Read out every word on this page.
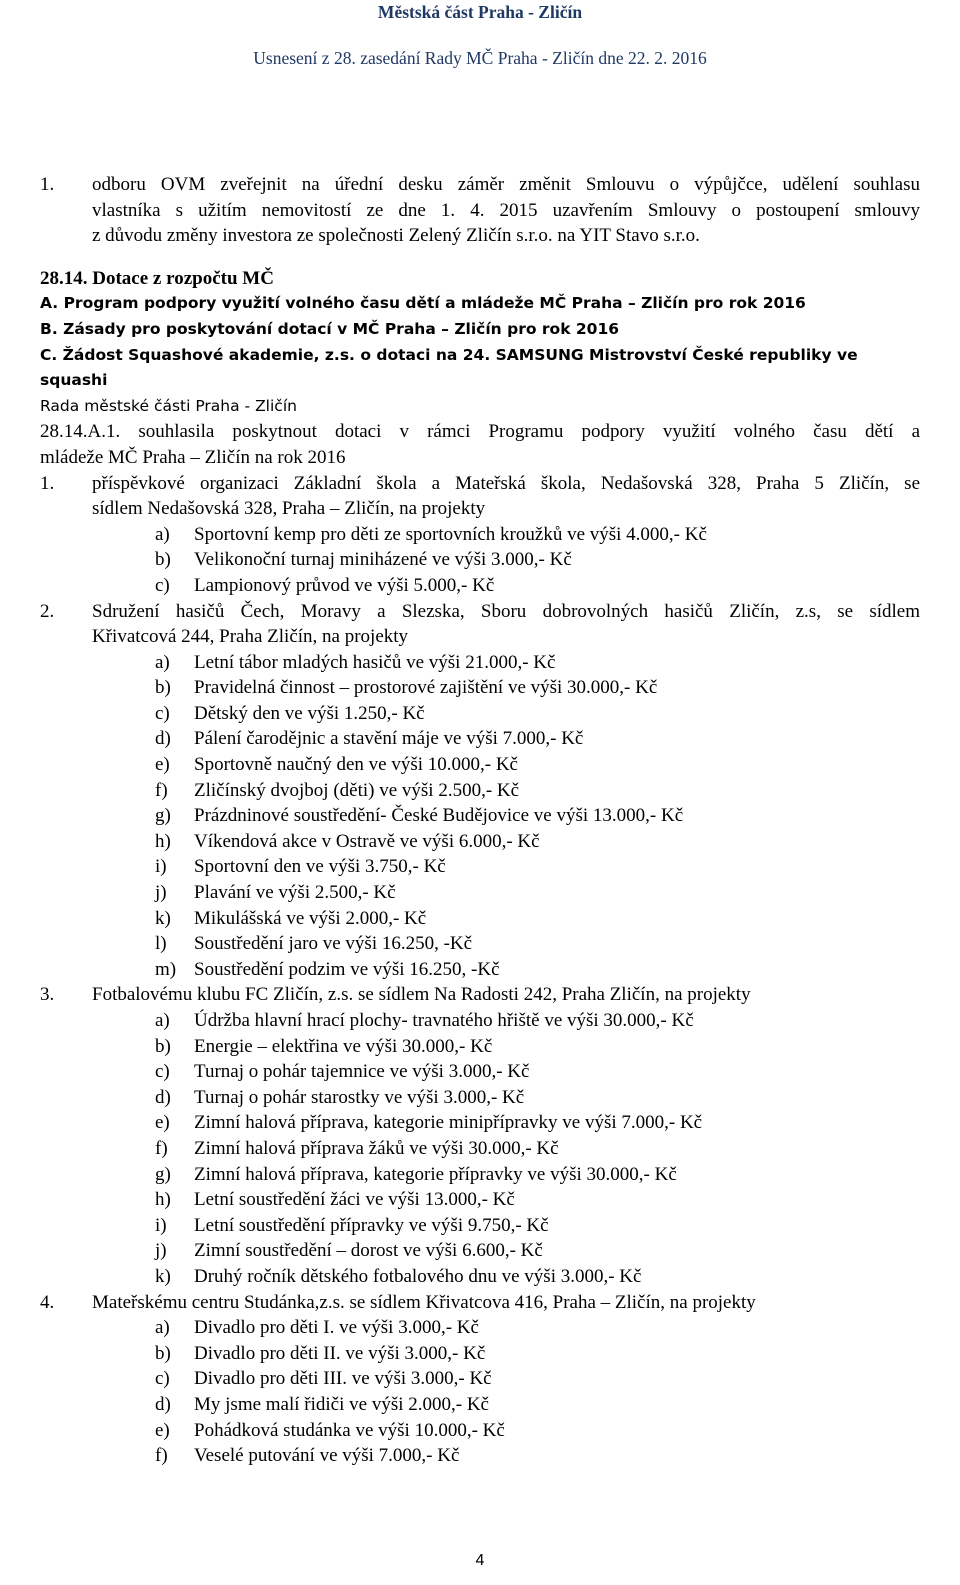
Městská část Praha - Zličín
Usnesení z 28. zasedání Rady MČ Praha - Zličín dne 22. 2. 2016
1. odboru OVM zveřejnit na úřední desku záměr změnit Smlouvu o výpůjčce, udělení souhlasu
vlastníka s užitím nemovitostí ze dne 1. 4. 2015 uzavřením Smlouvy o postoupení smlouvy
z důvodu změny investora ze společnosti Zelený Zličín s.r.o. na YIT Stavo s.r.o.
28.14. Dotace z rozpočtu MČ
A. Program podpory využití volného času dětí a mládeže MČ Praha – Zličín pro rok 2016
B. Zásady pro poskytování dotací v MČ Praha – Zličín pro rok 2016
C. Žádost Squashové akademie, z.s. o dotaci na 24. SAMSUNG Mistrovství České republiky ve
squashi
Rada městské části Praha - Zličín
28.14.A.1. souhlasila poskytnout dotaci v rámci Programu podpory využití volného času dětí a
mládeže MČ Praha – Zličín na rok 2016
1. příspěvkové organizaci Základní škola a Mateřská škola, Nedašovská 328, Praha 5 Zličín, se
sídlem Nedašovská 328, Praha – Zličín, na projekty
a) Sportovní kemp pro děti ze sportovních kroužků ve výši 4.000,- Kč
b) Velikonoční turnaj miniházené ve výši 3.000,- Kč
c) Lampionový průvod ve výši 5.000,- Kč
2. Sdružení hasičů Čech, Moravy a Slezska, Sboru dobrovolných hasičů Zličín, z.s, se sídlem
Křivatcová 244, Praha Zličín, na projekty
a) Letní tábor mladých hasičů ve výši 21.000,- Kč
b) Pravidelná činnost – prostorové zajištění ve výši 30.000,- Kč
c) Dětský den ve výši 1.250,- Kč
d) Pálení čarodějnic a stavění máje ve výši 7.000,- Kč
e) Sportovně naučný den ve výši 10.000,- Kč
f) Zličínský dvojboj (děti) ve výši 2.500,- Kč
g) Prázdninové soustředění- České Budějovice ve výši 13.000,- Kč
h) Víkendová akce v Ostravě ve výši 6.000,- Kč
i) Sportovní den ve výši 3.750,- Kč
j) Plavání ve výši 2.500,- Kč
k) Mikulášská ve výši 2.000,- Kč
l) Soustředění jaro ve výši 16.250, -Kč
m) Soustředění podzim ve výši 16.250, -Kč
3. Fotbalovému klubu FC Zličín, z.s. se sídlem Na Radosti 242, Praha Zličín, na projekty
a) Údržba hlavní hrací plochy- travnatého hřiště ve výši 30.000,- Kč
b) Energie – elektřina ve výši 30.000,- Kč
c) Turnaj o pohár tajemnice ve výši 3.000,- Kč
d) Turnaj o pohár starostky ve výši 3.000,- Kč
e) Zimní halová příprava, kategorie minipřípravky ve výši 7.000,- Kč
f) Zimní halová příprava žáků ve výši 30.000,- Kč
g) Zimní halová příprava, kategorie přípravky ve výši 30.000,- Kč
h) Letní soustředění žáci ve výši 13.000,- Kč
i) Letní soustředění přípravky ve výši 9.750,- Kč
j) Zimní soustředění – dorost ve výši 6.600,- Kč
k) Druhý ročník dětského fotbalového dnu ve výši 3.000,- Kč
4. Mateřskému centru Studánka,z.s. se sídlem Křivatcova 416, Praha – Zličín, na projekty
a) Divadlo pro děti I. ve výši 3.000,- Kč
b) Divadlo pro děti II. ve výši 3.000,- Kč
c) Divadlo pro děti III. ve výši 3.000,- Kč
d) My jsme malí řidiči ve výši 2.000,- Kč
e) Pohádková studánka ve výši 10.000,- Kč
f) Veselé putování ve výši 7.000,- Kč
4
